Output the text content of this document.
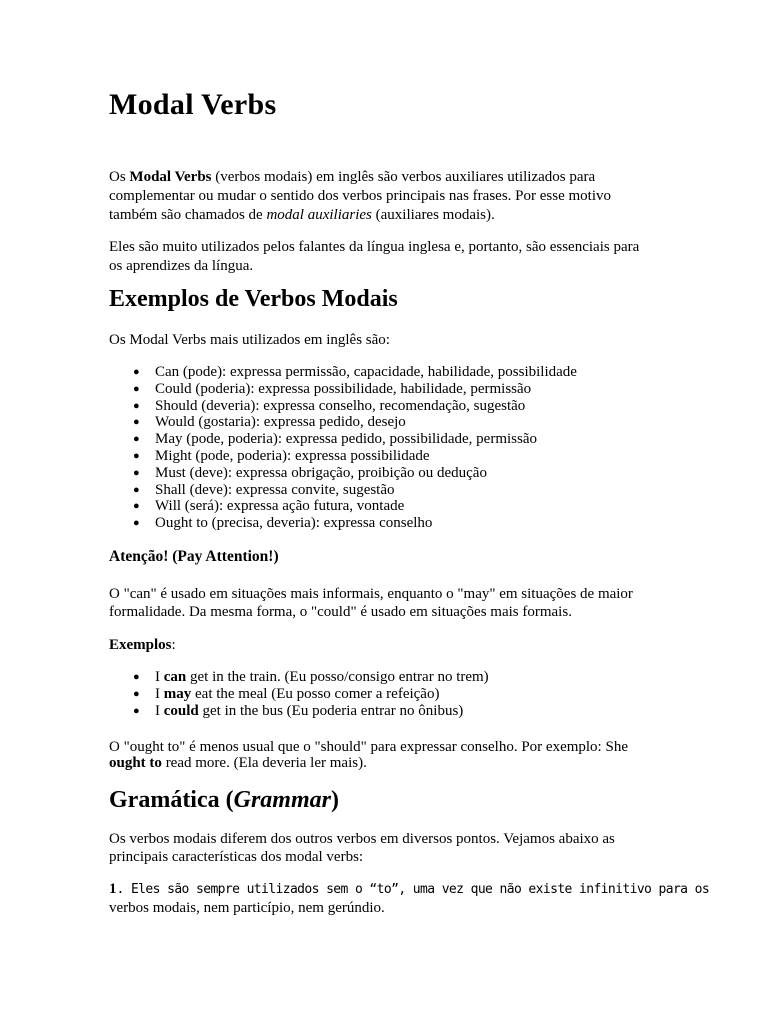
Modal Verbs
Os Modal Verbs (verbos modais) em inglês são verbos auxiliares utilizados para
complementar ou mudar o sentido dos verbos principais nas frases. Por esse motivo
também são chamados de modal auxiliaries (auxiliares modais).
Eles são muito utilizados pelos falantes da língua inglesa e, portanto, são essenciais para
os aprendizes da língua.
Exemplos de Verbos Modais
Os Modal Verbs mais utilizados em inglês são:
● Can (pode): expressa permissão, capacidade, habilidade, possibilidade
● Could (poderia): expressa possibilidade, habilidade, permissão
● Should (deveria): expressa conselho, recomendação, sugestão
● Would (gostaria): expressa pedido, desejo
● May (pode, poderia): expressa pedido, possibilidade, permissão
● Might (pode, poderia): expressa possibilidade
● Must (deve): expressa obrigação, proibição ou dedução
● Shall (deve): expressa convite, sugestão
● Will (será): expressa ação futura, vontade
● Ought to (precisa, deveria): expressa conselho
Atenção! (Pay Attention!)
O "can" é usado em situações mais informais, enquanto o "may" em situações de maior
formalidade. Da mesma forma, o "could" é usado em situações mais formais.
Exemplos:
● I can get in the train. (Eu posso/consigo entrar no trem)
● I may eat the meal (Eu posso comer a refeição)
● I could get in the bus (Eu poderia entrar no ônibus)
O "ought to" é menos usual que o "should" para expressar conselho. Por exemplo: She
ought to read more. (Ela deveria ler mais).
Gramática (Grammar)
Os verbos modais diferem dos outros verbos em diversos pontos. Vejamos abaixo as
principais características dos modal verbs:
1. Eles são sempre utilizados sem o “to”, uma vez que não existe infinitivo para os
verbos modais, nem particípio, nem gerúndio.
